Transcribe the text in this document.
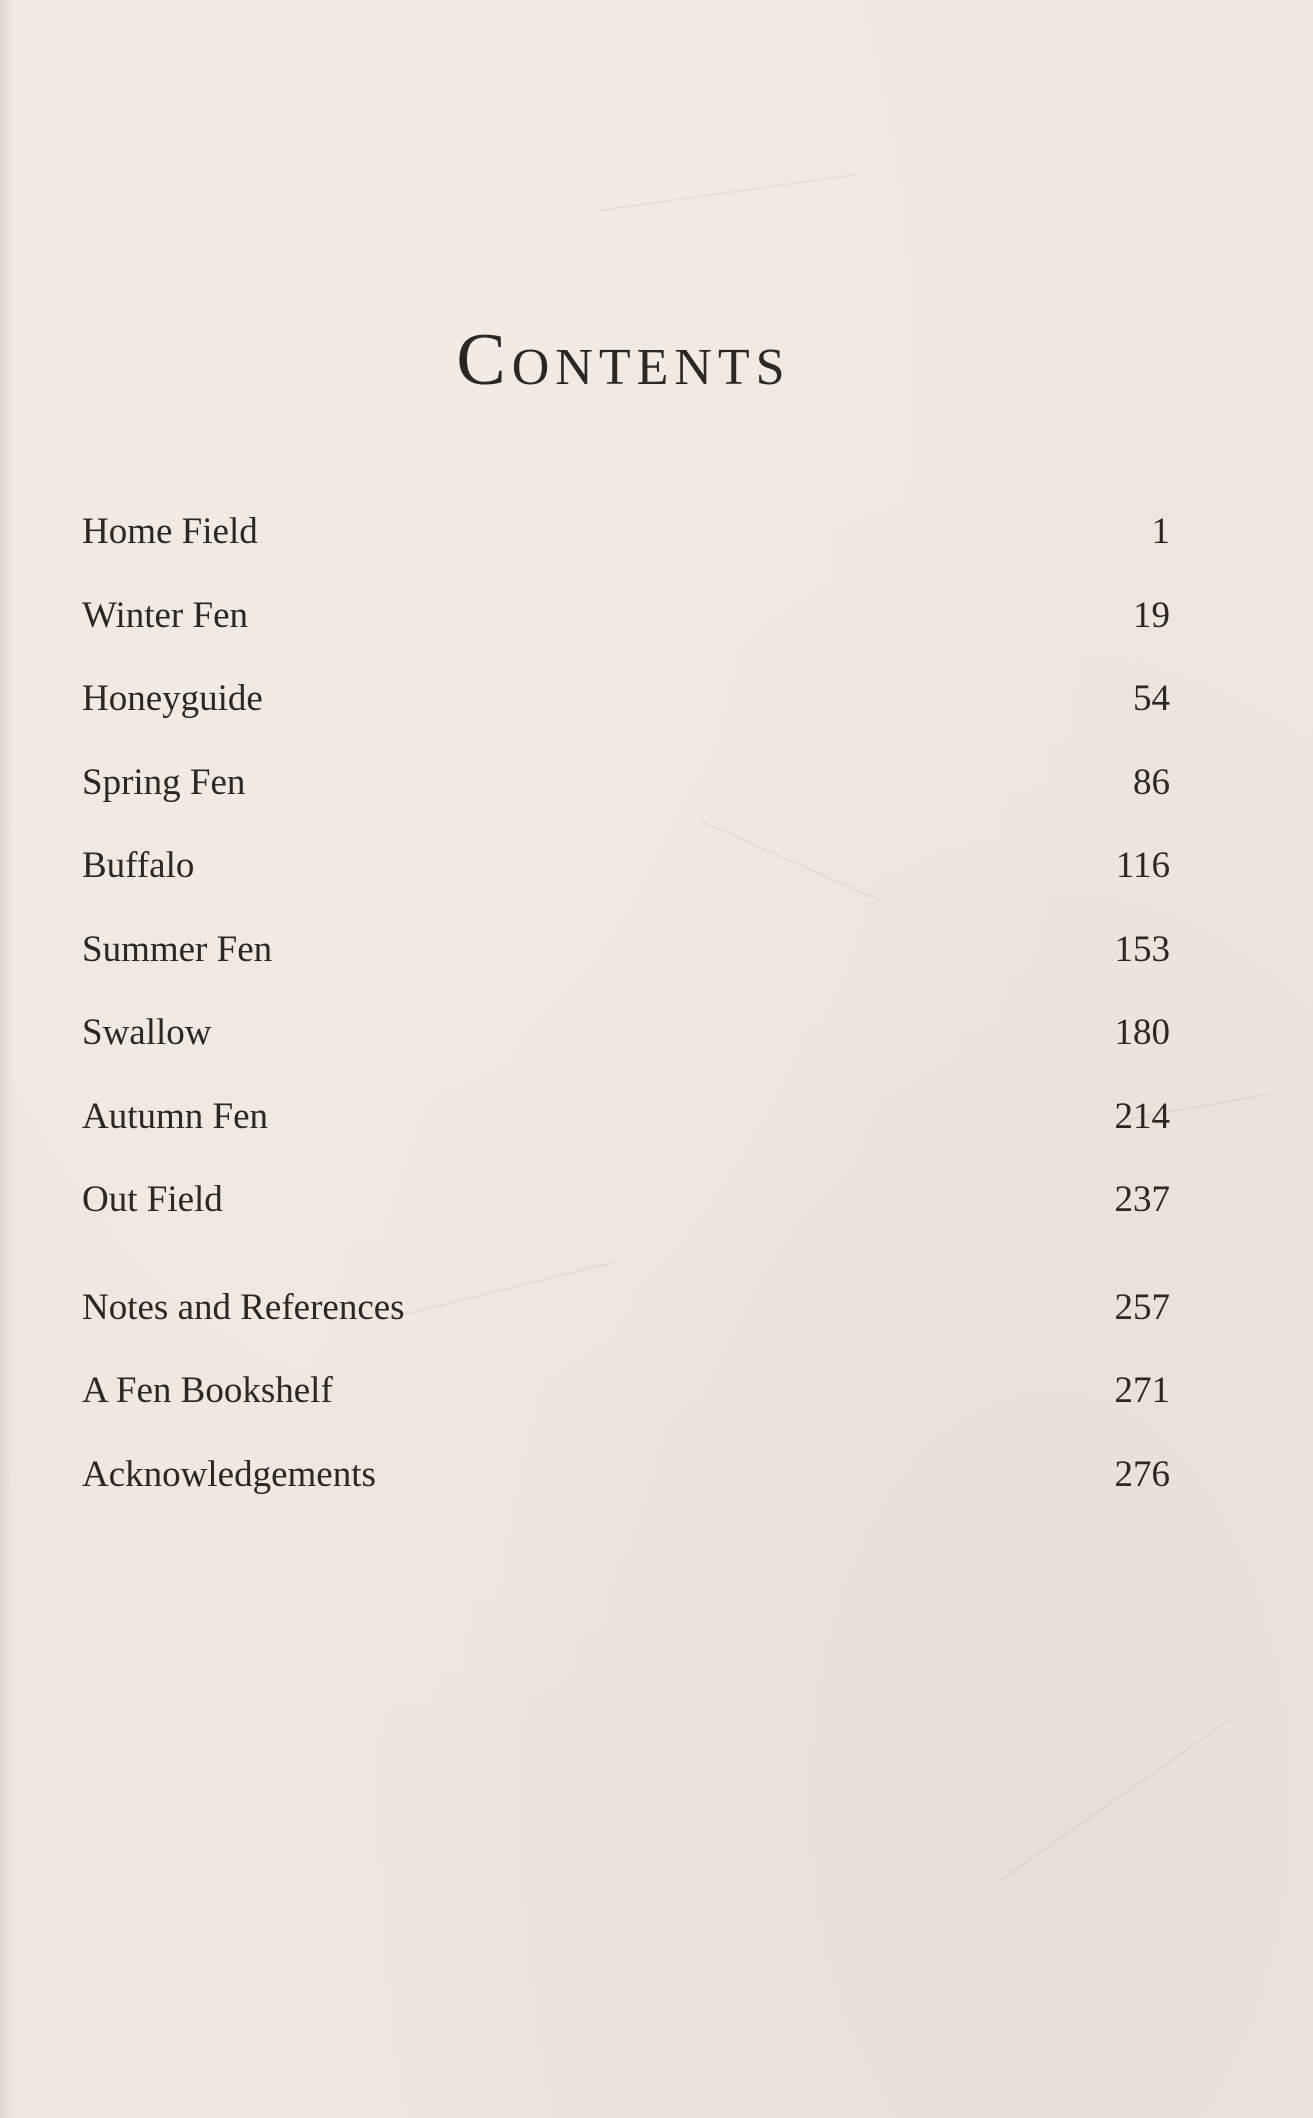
Contents
Home Field	1
Winter Fen	19
Honeyguide	54
Spring Fen	86
Buffalo	116
Summer Fen	153
Swallow	180
Autumn Fen	214
Out Field	237
Notes and References	257
A Fen Bookshelf	271
Acknowledgements	276
